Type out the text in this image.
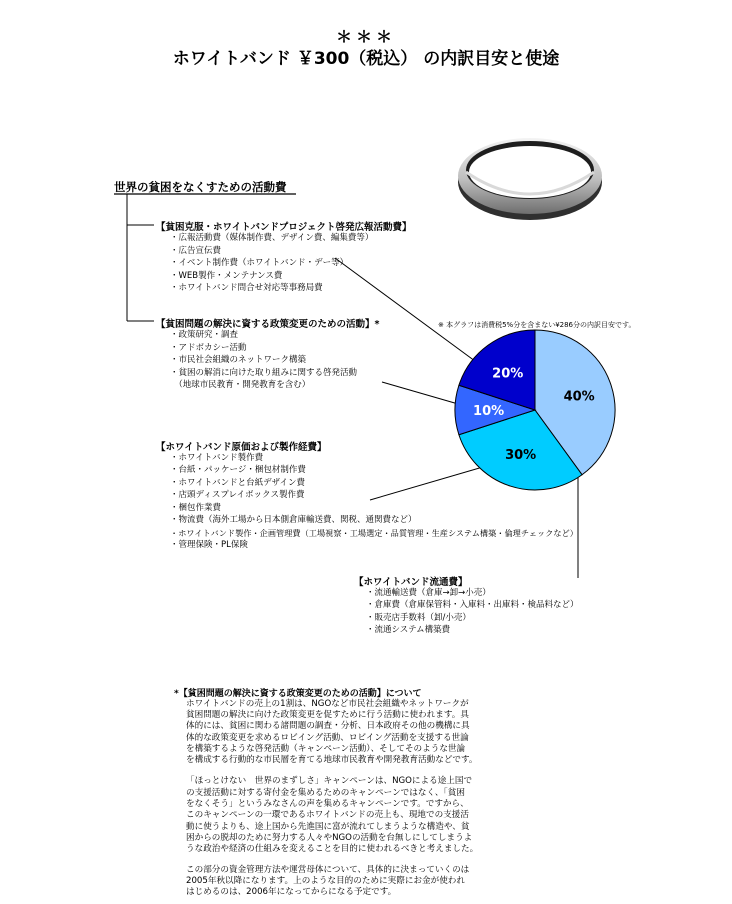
＊＊＊
ホワイトバンド ￥300（税込） の内訳目安と使途
世界の貧困をなくすための活動費
【貧困克服・ホワイトバンドプロジェクト啓発広報活動費】
・広報活動費（媒体制作費、デザイン費、編集費等）
・広告宣伝費
・イベント制作費（ホワイトバンド・デー等）
・WEB製作・メンテナンス費
・ホワイトバンド問合せ対応等事務局費
【貧困問題の解決に資する政策変更のための活動】*
・政策研究・調査
・アドボカシー活動
・市民社会組織のネットワーク構築
・貧困の解消に向けた取り組みに関する啓発活動
　（地球市民教育・開発教育を含む）
※ 本グラフは消費税5%分を含まない¥286分の内訳目安です。
40%
30%
10%
20%
【ホワイトバンド原価および製作経費】
・ホワイトバンド製作費
・台紙・パッケージ・梱包材制作費
・ホワイトバンドと台紙デザイン費
・店頭ディスプレイボックス製作費
・梱包作業費
・物流費（海外工場から日本側倉庫輸送費、関税、通関費など）
・ホワイトバンド製作・企画管理費（工場視察・工場選定・品質管理・生産システム構築・倫理チェックなど）
・管理保険・PL保険
【ホワイトバンド流通費】
・流通輸送費（倉庫→卸→小売）
・倉庫費（倉庫保管料・入庫料・出庫料・検品料など）
・販売店手数料（卸/小売）
・流通システム構築費
*【貧困問題の解決に資する政策変更のための活動】について
ホワイトバンドの売上の1割は、NGOなど市民社会組織やネットワークが
貧困問題の解決に向けた政策変更を促すために行う活動に使われます。具
体的には、貧困に関わる諸問題の調査・分析、日本政府その他の機構に具
体的な政策変更を求めるロビイング活動、ロビイング活動を支援する世論
を構築するような啓発活動（キャンペーン活動）、そしてそのような世論
を構成する行動的な市民層を育てる地球市民教育や開発教育活動などです。
「ほっとけない　世界のまずしさ」キャンペーンは、NGOによる途上国で
の支援活動に対する寄付金を集めるためのキャンペーンではなく、「貧困
をなくそう」というみなさんの声を集めるキャンペーンです。ですから、
このキャンペーンの一環であるホワイトバンドの売上も、現地での支援活
動に使うよりも、途上国から先進国に富が流れてしまうような構造や、貧
困からの脱却のために努力する人々やNGOの活動を台無しにしてしまうよ
うな政治や経済の仕組みを変えることを目的に使われるべきと考えました。
この部分の資金管理方法や運営母体について、具体的に決まっていくのは
2005年秋以降になります。上のような目的のために実際にお金が使われ
はじめるのは、2006年になってからになる予定です。
